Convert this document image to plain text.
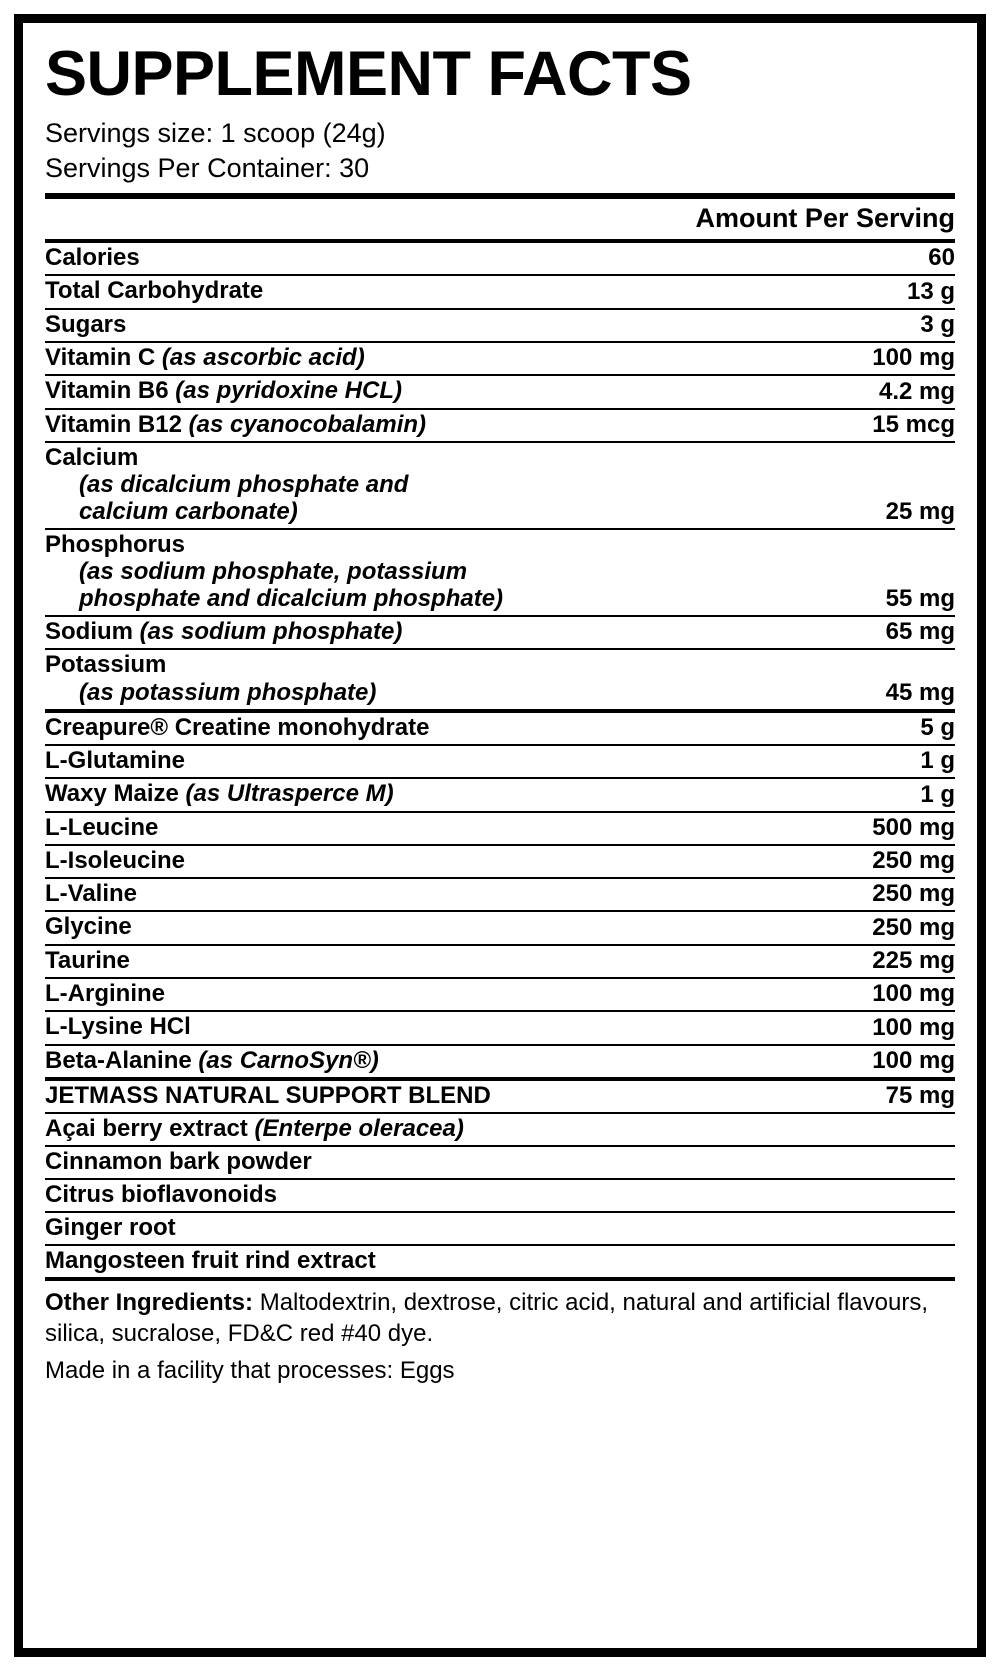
SUPPLEMENT FACTS
Servings size: 1 scoop (24g)
Servings Per Container: 30
Amount Per Serving
Calories	60
Total Carbohydrate	13 g
Sugars	3 g
Vitamin C (as ascorbic acid)	100 mg
Vitamin B6 (as pyridoxine HCL)	4.2 mg
Vitamin B12 (as cyanocobalamin)	15 mcg
Calcium
(as dicalcium phosphate and
calcium carbonate)	25 mg
Phosphorus
(as sodium phosphate, potassium
phosphate and dicalcium phosphate)	55 mg
Sodium (as sodium phosphate)	65 mg
Potassium
(as potassium phosphate)	45 mg
Creapure® Creatine monohydrate	5 g
L-Glutamine	1 g
Waxy Maize (as Ultrasperce M)	1 g
L-Leucine	500 mg
L-Isoleucine	250 mg
L-Valine	250 mg
Glycine	250 mg
Taurine	225 mg
L-Arginine	100 mg
L-Lysine HCl	100 mg
Beta-Alanine (as CarnoSyn®)	100 mg
JETMASS NATURAL SUPPORT BLEND	75 mg
Açai berry extract (Enterpe oleracea)	
Cinnamon bark powder	
Citrus bioflavonoids	
Ginger root	
Mangosteen fruit rind extract	
Other Ingredients: Maltodextrin, dextrose, citric acid, natural and artificial flavours,
silica, sucralose, FD&C red #40 dye.
Made in a facility that processes: Eggs
